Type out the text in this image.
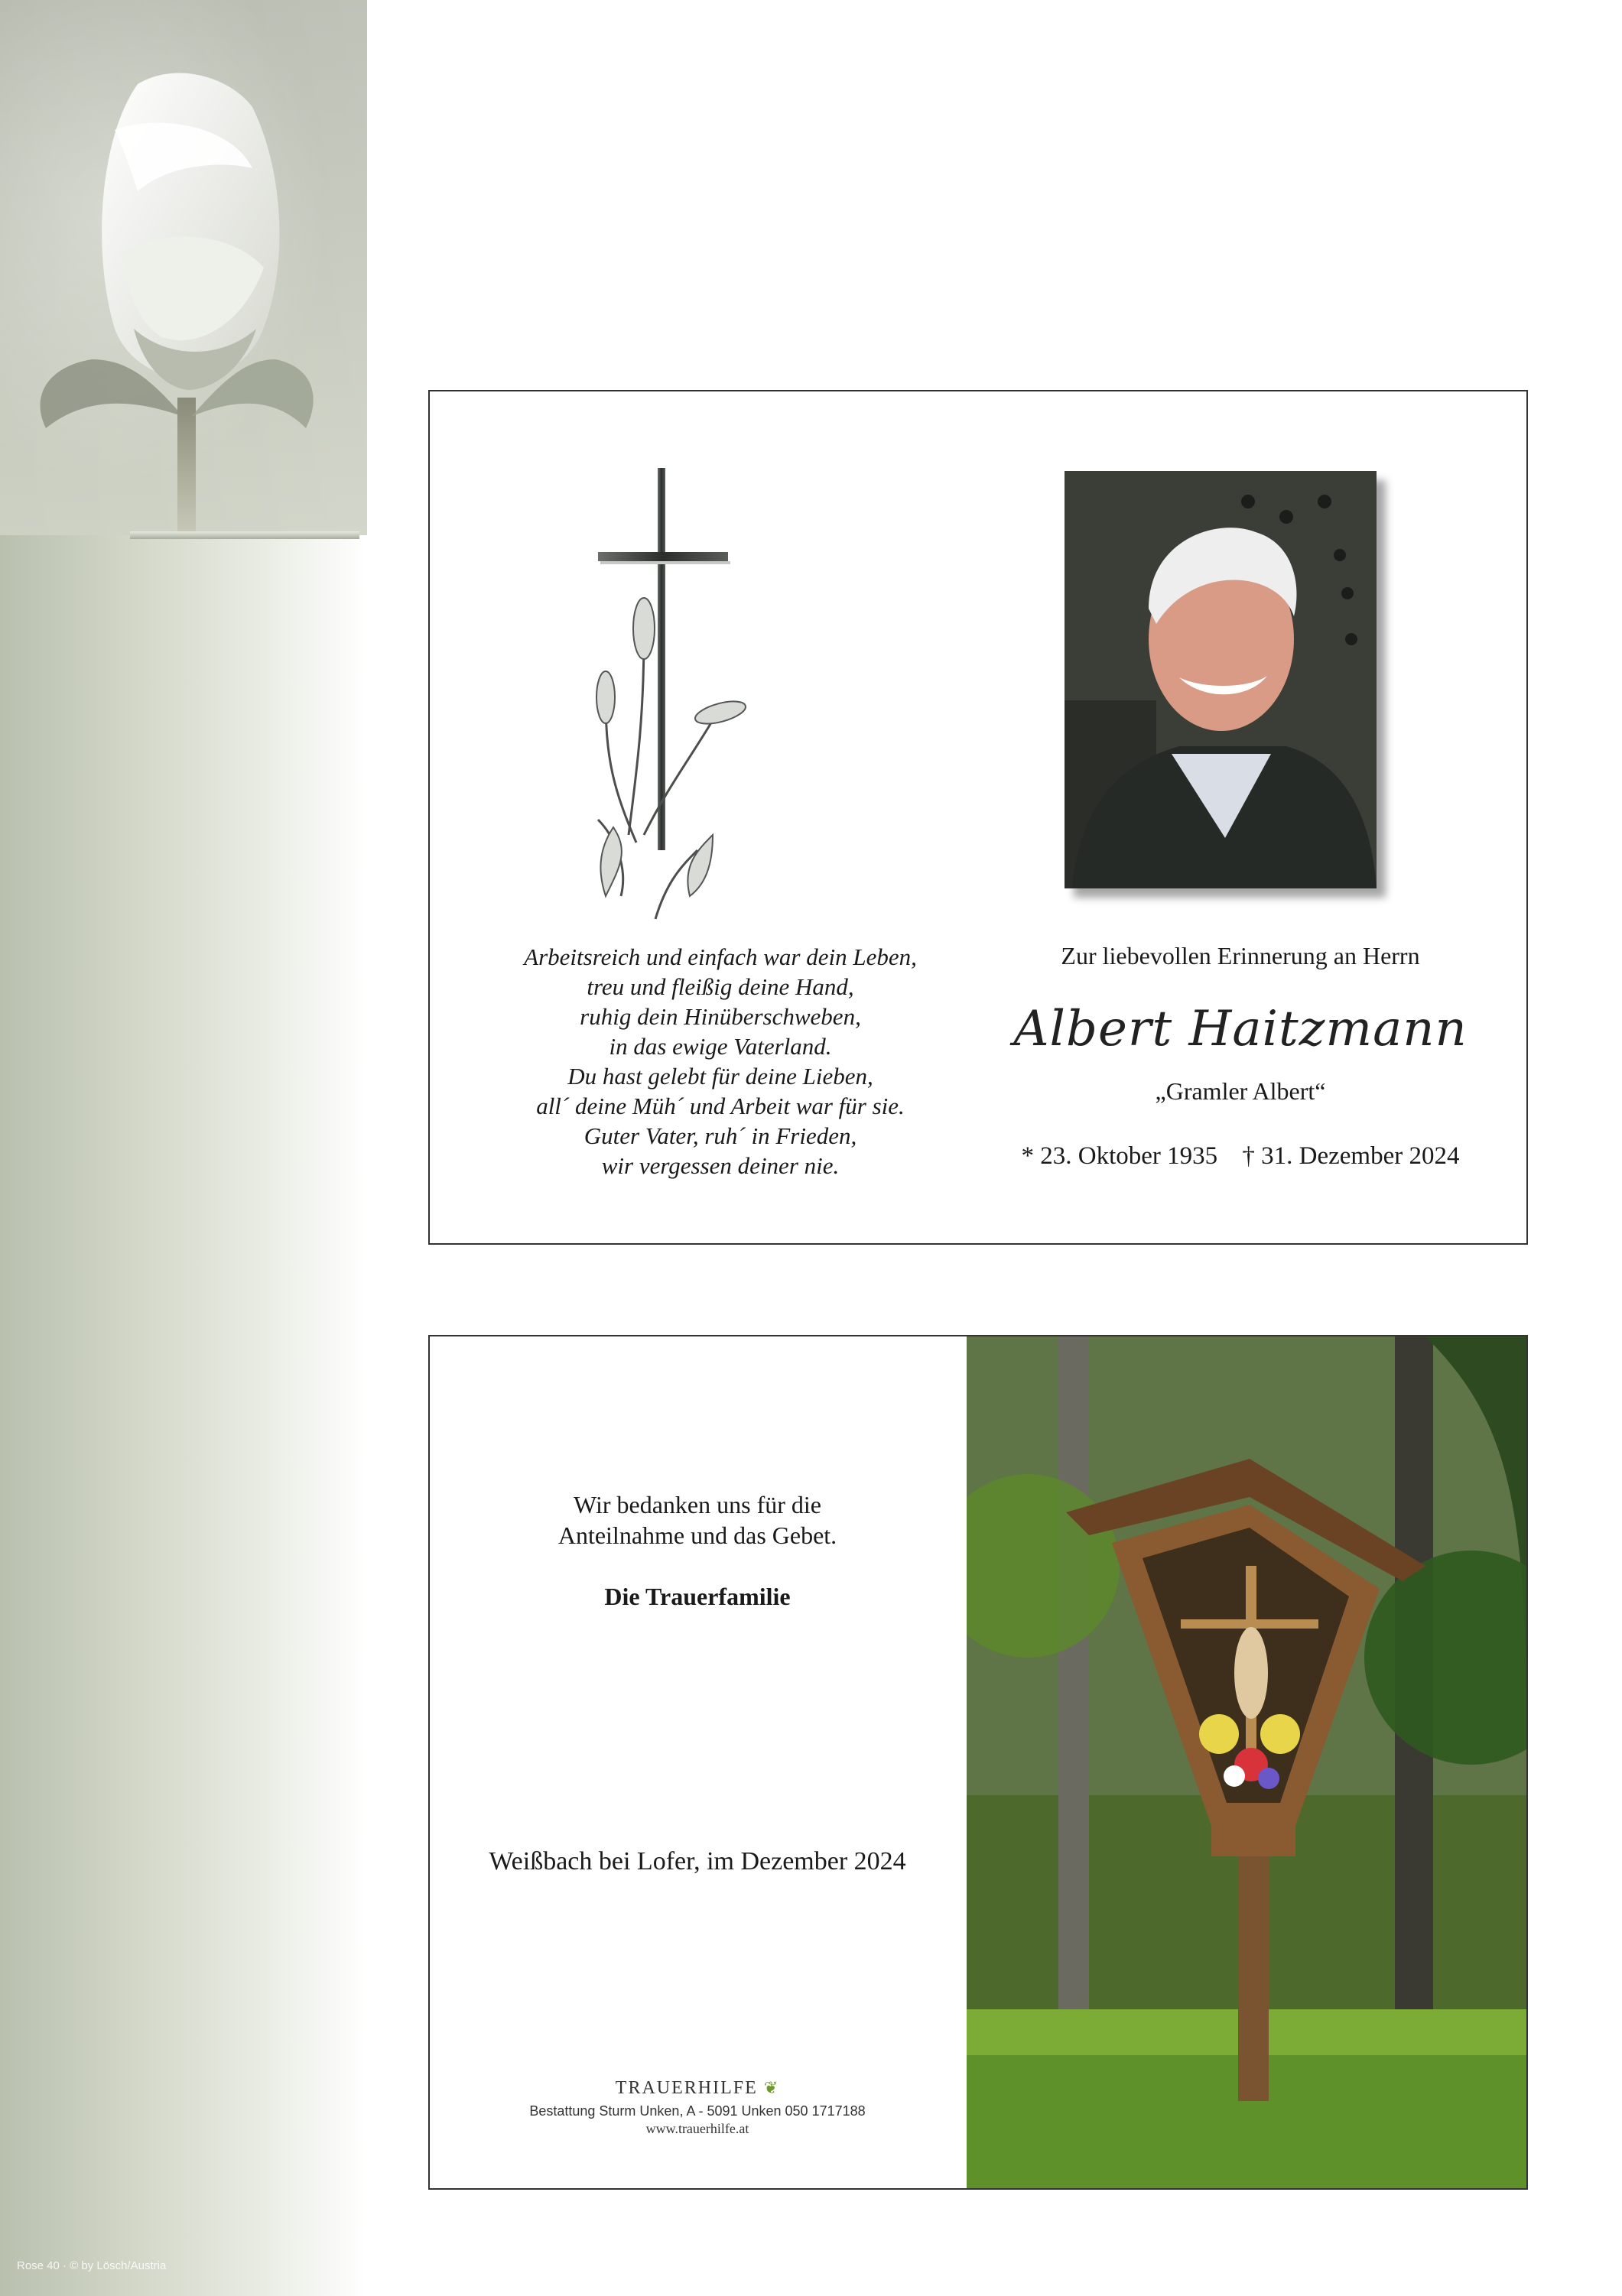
Rose 40 · © by Lösch/Austria
Arbeitsreich und einfach war dein Leben,
treu und fleißig deine Hand,
ruhig dein Hinüberschweben,
in das ewige Vaterland.
Du hast gelebt für deine Lieben,
all´ deine Müh´ und Arbeit war für sie.
Guter Vater, ruh´ in Frieden,
wir vergessen deiner nie.
Zur liebevollen Erinnerung an Herrn
Albert Haitzmann
„Gramler Albert“
* 23. Oktober 1935 † 31. Dezember 2024
Wir bedanken uns für die
Anteilnahme und das Gebet.
Die Trauerfamilie
Weißbach bei Lofer, im Dezember 2024
TRAUERHILFE ❦
Bestattung Sturm Unken, A - 5091 Unken 050 1717188
www.trauerhilfe.at
